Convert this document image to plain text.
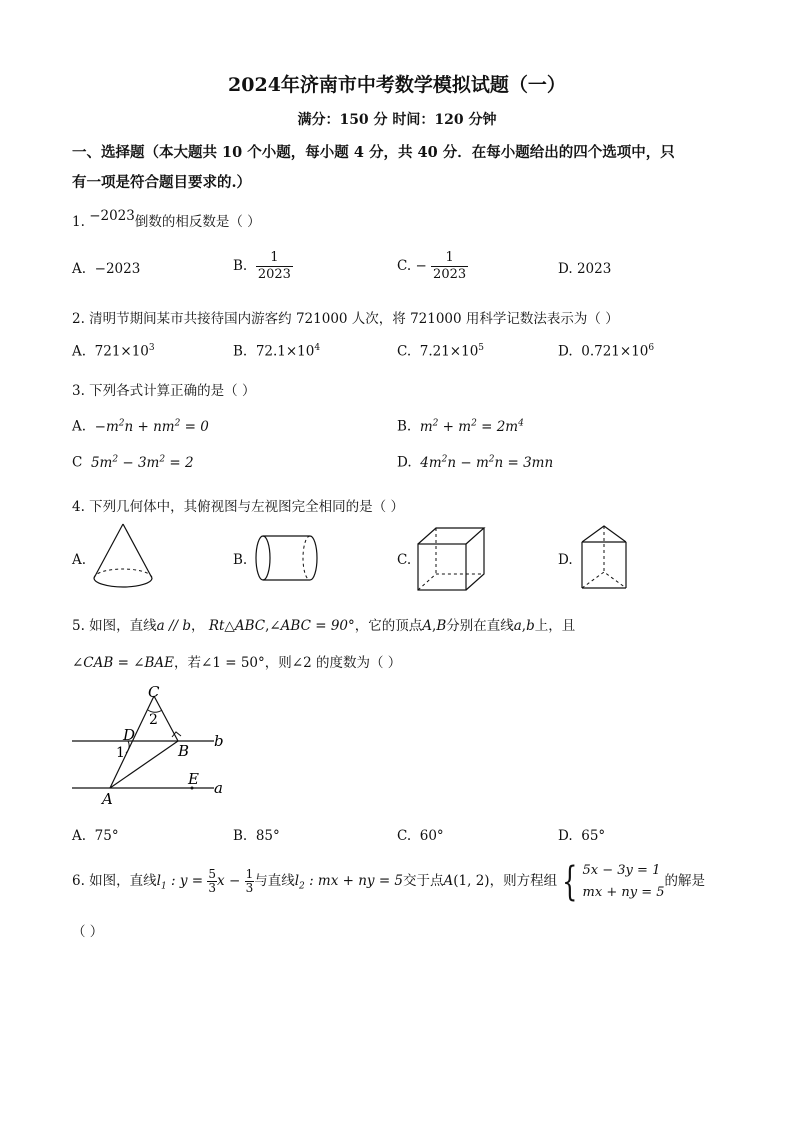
2024年济南市中考数学模拟试题（一）
满分：150 分 时间：120 分钟
一、选择题（本大题共 10 个小题，每小题 4 分，共 40 分．在每小题给出的四个选项中，只
有一项是符合题目要求的.）
1. −2023倒数的相反数是（ ）
A. −2023	B. $\frac{1}{2023}$	C. − $\frac{1}{2023}$	D. 2023
2. 清明节期间某市共接待国内游客约 721000 人次，将 721000 用科学记数法表示为（ ）
A. $721\times 10^3$	B. $72.1\times 10^4$	C. $7.21\times 10^5$	D. $0.721\times 10^6$
3. 下列各式计算正确的是（ ）
A. $-m^2n + nm^2 = 0$	B. $m^2 + m^2 = 2m^4$
C $5m^2 - 3m^2 = 2$	D. $4m^2n - m^2n = 3mn$
4. 下列几何体中，其俯视图与左视图完全相同的是（ ）
A.	B.	C.	D.
5. 如图，直线a // b， Rt△ABC,∠ABC = 90°，它的顶点A,B分别在直线a,b上，且
∠CAB = ∠BAE，若∠1 = 50°，则∠2 的度数为（ ）
C
2
D
1	B
b
E
A
a
A. 75°	B. 85°	C. 60°	D. 65°
6. 如图，直线$l_1$ : $y = \frac{5}{3}$ $x - \frac{1}{3}$ 与直线$l_2$ : mx + ny = 5交于点A(1, 2)，则方程组 { 5x − 3y = 1
mx + ny = 5
的解是
（ ）
